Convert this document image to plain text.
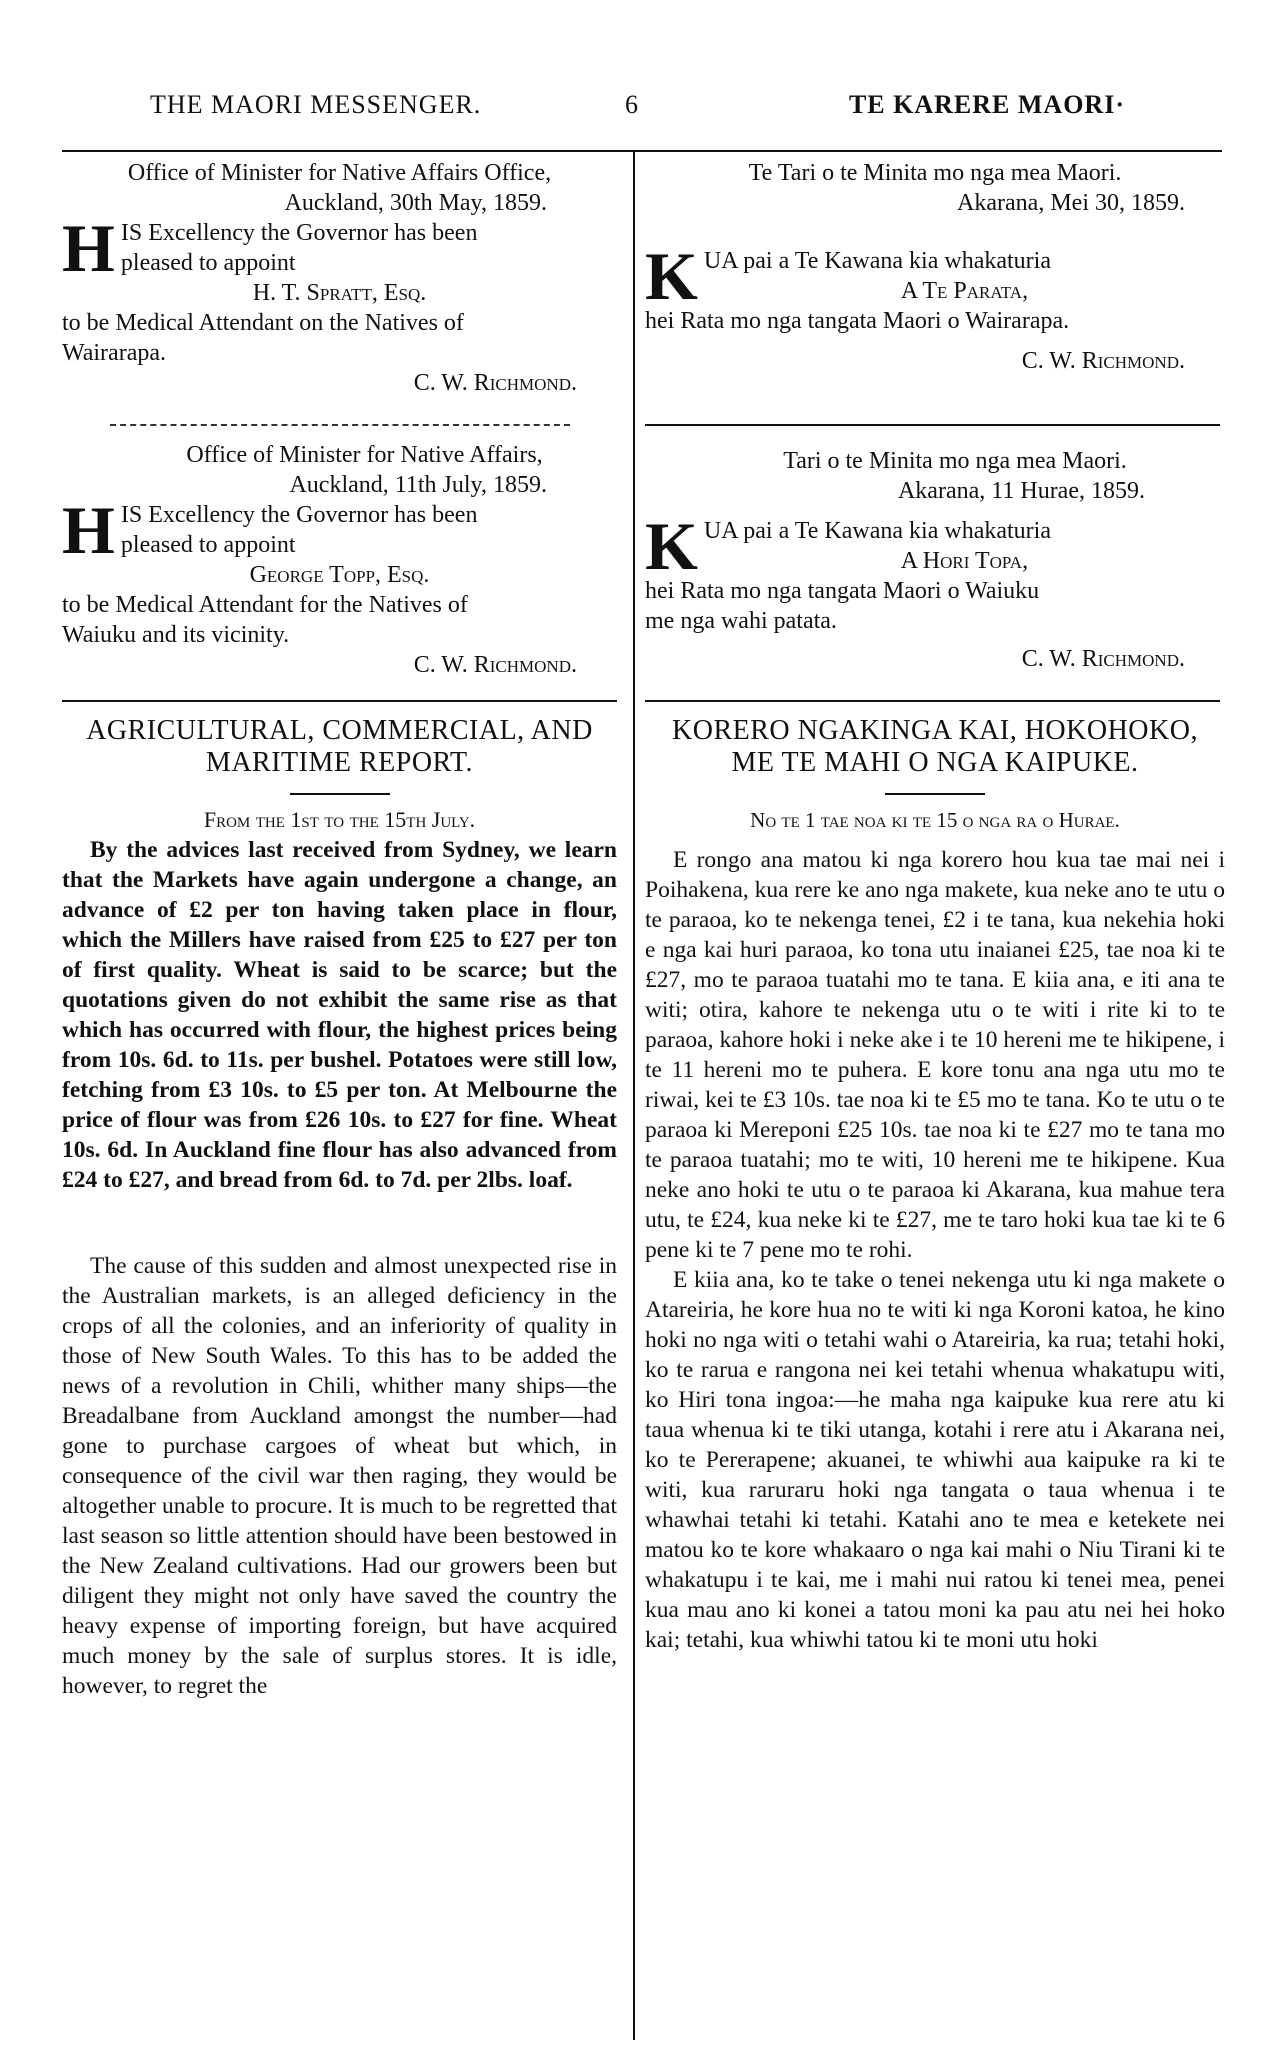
THE MAORI MESSENGER.	6	TE KARERE MAORI·
Office of Minister for Native Affairs Office,
Auckland, 30th May, 1859.
H IS Excellency the Governor has been
pleased to appoint
H. T. Spratt, Esq.
to be Medical Attendant on the Natives of
Wairarapa.
C. W. Richmond.
Office of Minister for Native Affairs,
Auckland, 11th July, 1859.
H IS Excellency the Governor has been
pleased to appoint
George Topp, Esq.
to be Medical Attendant for the Natives of
Waiuku and its vicinity.
C. W. Richmond.
AGRICULTURAL, COMMERCIAL, AND
MARITIME REPORT.
From the 1st to the 15th July.

By the advices last received from Sydney, we learn that the Markets have again undergone a change, an advance of £2 per ton having taken place in flour, which the Millers have raised from £25 to £27 per ton of first quality. Wheat is said to be scarce; but the quotations given do not exhibit the same rise as that which has occurred with flour, the highest prices being from 10s. 6d. to 11s. per bushel. Potatoes were still low, fetching from £3 10s. to £5 per ton. At Melbourne the price of flour was from £26 10s. to £27 for fine. Wheat 10s. 6d. In Auckland fine flour has also advanced from £24 to £27, and bread from 6d. to 7d. per 2lbs. loaf.

The cause of this sudden and almost unexpected rise in the Australian markets, is an alleged deficiency in the crops of all the colonies, and an inferiority of quality in those of New South Wales. To this has to be added the news of a revolution in Chili, whither many ships—the Breadalbane from Auckland amongst the number—had gone to purchase cargoes of wheat but which, in consequence of the civil war then raging, they would be altogether unable to procure. It is much to be regretted that last season so little attention should have been bestowed in the New Zealand cultivations. Had our growers been but diligent they might not only have saved the country the heavy expense of importing foreign, but have acquired much money by the sale of surplus stores. It is idle, however, to regret the

Te Tari o te Minita mo nga mea Maori.
Akarana, Mei 30, 1859.
K UA pai a Te Kawana kia whakaturia
A Te Parata,
hei Rata mo nga tangata Maori o Wairarapa.
C. W. Richmond.
Tari o te Minita mo nga mea Maori.
Akarana, 11 Hurae, 1859.
K UA pai a Te Kawana kia whakaturia
A Hori Topa,
hei Rata mo nga tangata Maori o Waiuku
me nga wahi patata.
C. W. Richmond.
KORERO NGAKINGA KAI, HOKOHOKO,
ME TE MAHI O NGA KAIPUKE.
No te 1 tae noa ki te 15 o nga ra o Hurae.

E rongo ana matou ki nga korero hou kua tae mai nei i Poihakena, kua rere ke ano nga makete, kua neke ano te utu o te paraoa, ko te nekenga tenei, £2 i te tana, kua nekehia hoki e nga kai huri paraoa, ko tona utu inaianei £25, tae noa ki te £27, mo te paraoa tuatahi mo te tana. E kiia ana, e iti ana te witi; otira, kahore te nekenga utu o te witi i rite ki to te paraoa, kahore hoki i neke ake i te 10 hereni me te hikipene, i te 11 hereni mo te puhera. E kore tonu ana nga utu mo te riwai, kei te £3 10s. tae noa ki te £5 mo te tana. Ko te utu o te paraoa ki Mereponi £25 10s. tae noa ki te £27 mo te tana mo te paraoa tuatahi; mo te witi, 10 hereni me te hikipene. Kua neke ano hoki te utu o te paraoa ki Akarana, kua mahue tera utu, te £24, kua neke ki te £27, me te taro hoki kua tae ki te 6 pene ki te 7 pene mo te rohi.

E kiia ana, ko te take o tenei nekenga utu ki nga makete o Atareiria, he kore hua no te witi ki nga Koroni katoa, he kino hoki no nga witi o tetahi wahi o Atareiria, ka rua; tetahi hoki, ko te rarua e rangona nei kei tetahi whenua whakatupu witi, ko Hiri tona ingoa:—he maha nga kaipuke kua rere atu ki taua whenua ki te tiki utanga, kotahi i rere atu i Akarana nei, ko te Pererapene; akuanei, te whiwhi aua kaipuke ra ki te witi, kua raruraru hoki nga tangata o taua whenua i te whawhai tetahi ki tetahi. Katahi ano te mea e ketekete nei matou ko te kore whakaaro o nga kai mahi o Niu Tirani ki te whakatupu i te kai, me i mahi nui ratou ki tenei mea, penei kua mau ano ki konei a tatou moni ka pau atu nei hei hoko kai; tetahi, kua whiwhi tatou ki te moni utu hoki
